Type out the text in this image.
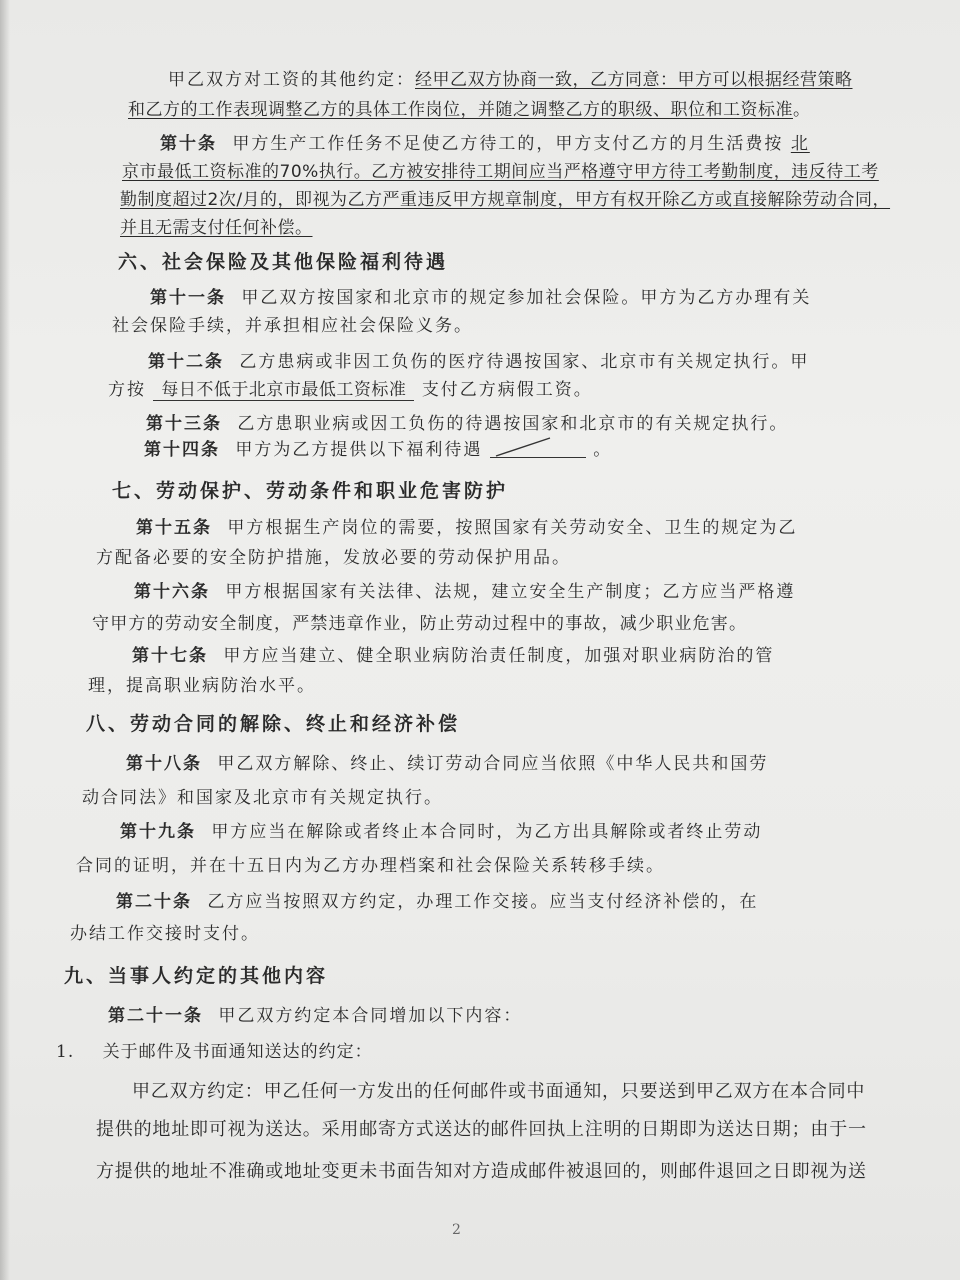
甲乙双方对工资的其他约定：经甲乙双方协商一致，乙方同意：甲方可以根据经营策略
和乙方的工作表现调整乙方的具体工作岗位，并随之调整乙方的职级、职位和工资标准。
第十条 甲方生产工作任务不足使乙方待工的，甲方支付乙方的月生活费按 北
京市最低工资标准的70%执行。乙方被安排待工期间应当严格遵守甲方待工考勤制度，违反待工考
勤制度超过2次/月的，即视为乙方严重违反甲方规章制度，甲方有权开除乙方或直接解除劳动合同，
并且无需支付任何补偿。
六、社会保险及其他保险福利待遇
第十一条 甲乙双方按国家和北京市的规定参加社会保险。甲方为乙方办理有关
社会保险手续，并承担相应社会保险义务。
第十二条 乙方患病或非因工负伤的医疗待遇按国家、北京市有关规定执行。甲
方按 每日不低于北京市最低工资标准 支付乙方病假工资。
第十三条 乙方患职业病或因工负伤的待遇按国家和北京市的有关规定执行。
第十四条 甲方为乙方提供以下福利待遇	。
七、劳动保护、劳动条件和职业危害防护
第十五条 甲方根据生产岗位的需要，按照国家有关劳动安全、卫生的规定为乙
方配备必要的安全防护措施，发放必要的劳动保护用品。
第十六条 甲方根据国家有关法律、法规，建立安全生产制度；乙方应当严格遵
守甲方的劳动安全制度，严禁违章作业，防止劳动过程中的事故，减少职业危害。
第十七条 甲方应当建立、健全职业病防治责任制度，加强对职业病防治的管
理，提高职业病防治水平。
八、劳动合同的解除、终止和经济补偿
第十八条 甲乙双方解除、终止、续订劳动合同应当依照《中华人民共和国劳
动合同法》和国家及北京市有关规定执行。
第十九条 甲方应当在解除或者终止本合同时，为乙方出具解除或者终止劳动
合同的证明，并在十五日内为乙方办理档案和社会保险关系转移手续。
第二十条 乙方应当按照双方约定，办理工作交接。应当支付经济补偿的，在
办结工作交接时支付。
九、当事人约定的其他内容
第二十一条 甲乙双方约定本合同增加以下内容：
1. 关于邮件及书面通知送达的约定：
甲乙双方约定：甲乙任何一方发出的任何邮件或书面通知，只要送到甲乙双方在本合同中
提供的地址即可视为送达。采用邮寄方式送达的邮件回执上注明的日期即为送达日期；由于一
方提供的地址不准确或地址变更未书面告知对方造成邮件被退回的，则邮件退回之日即视为送
2
